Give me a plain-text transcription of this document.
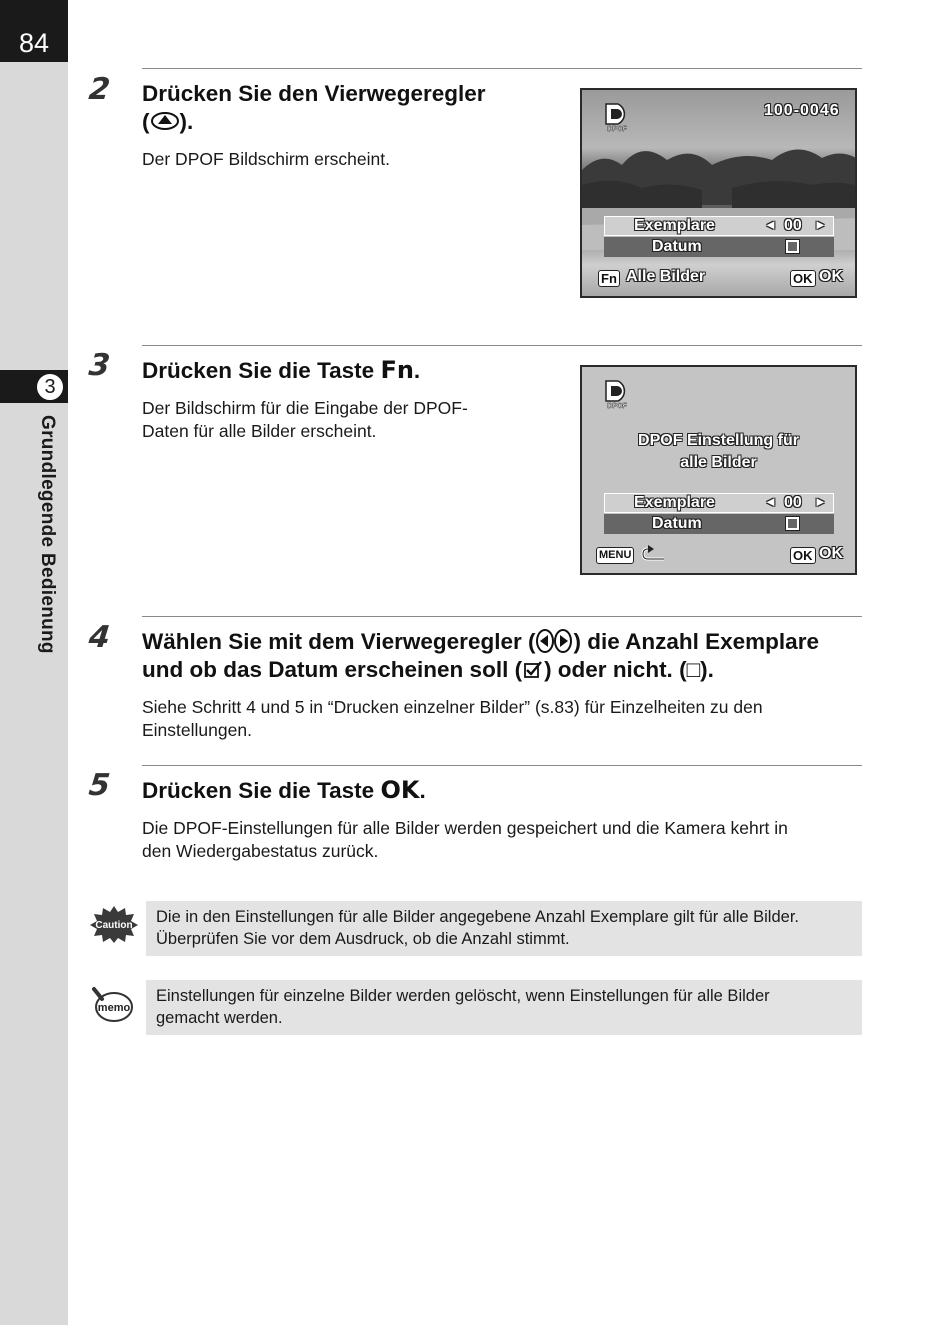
84
3
Grundlegende Bedienung
2 Drücken Sie den Vierwegeregler
( ).
Der DPOF Bildschirm erscheint.
DPOF
100-0046
Exemplare	◄ 00 ►
Datum
Fn Alle Bilder	OK OK
3 Drücken Sie die Taste Fn.
Der Bildschirm für die Eingabe der DPOF-
Daten für alle Bilder erscheint.
DPOF
DPOF Einstellung für
alle Bilder
Exemplare	◄ 00 ►
Datum
MENU	OK OK
4 Wählen Sie mit dem Vierwegeregler ( ) die Anzahl Exemplare
und ob das Datum erscheinen soll ( ) oder nicht. (□).
Siehe Schritt 4 und 5 in “Drucken einzelner Bilder” (s.83) für Einzelheiten zu den
Einstellungen.
5 Drücken Sie die Taste OK.
Die DPOF-Einstellungen für alle Bilder werden gespeichert und die Kamera kehrt in
den Wiedergabestatus zurück.
Caution Die in den Einstellungen für alle Bilder angegebene Anzahl Exemplare gilt für alle Bilder.
Überprüfen Sie vor dem Ausdruck, ob die Anzahl stimmt.
memo
Einstellungen für einzelne Bilder werden gelöscht, wenn Einstellungen für alle Bilder
gemacht werden.
